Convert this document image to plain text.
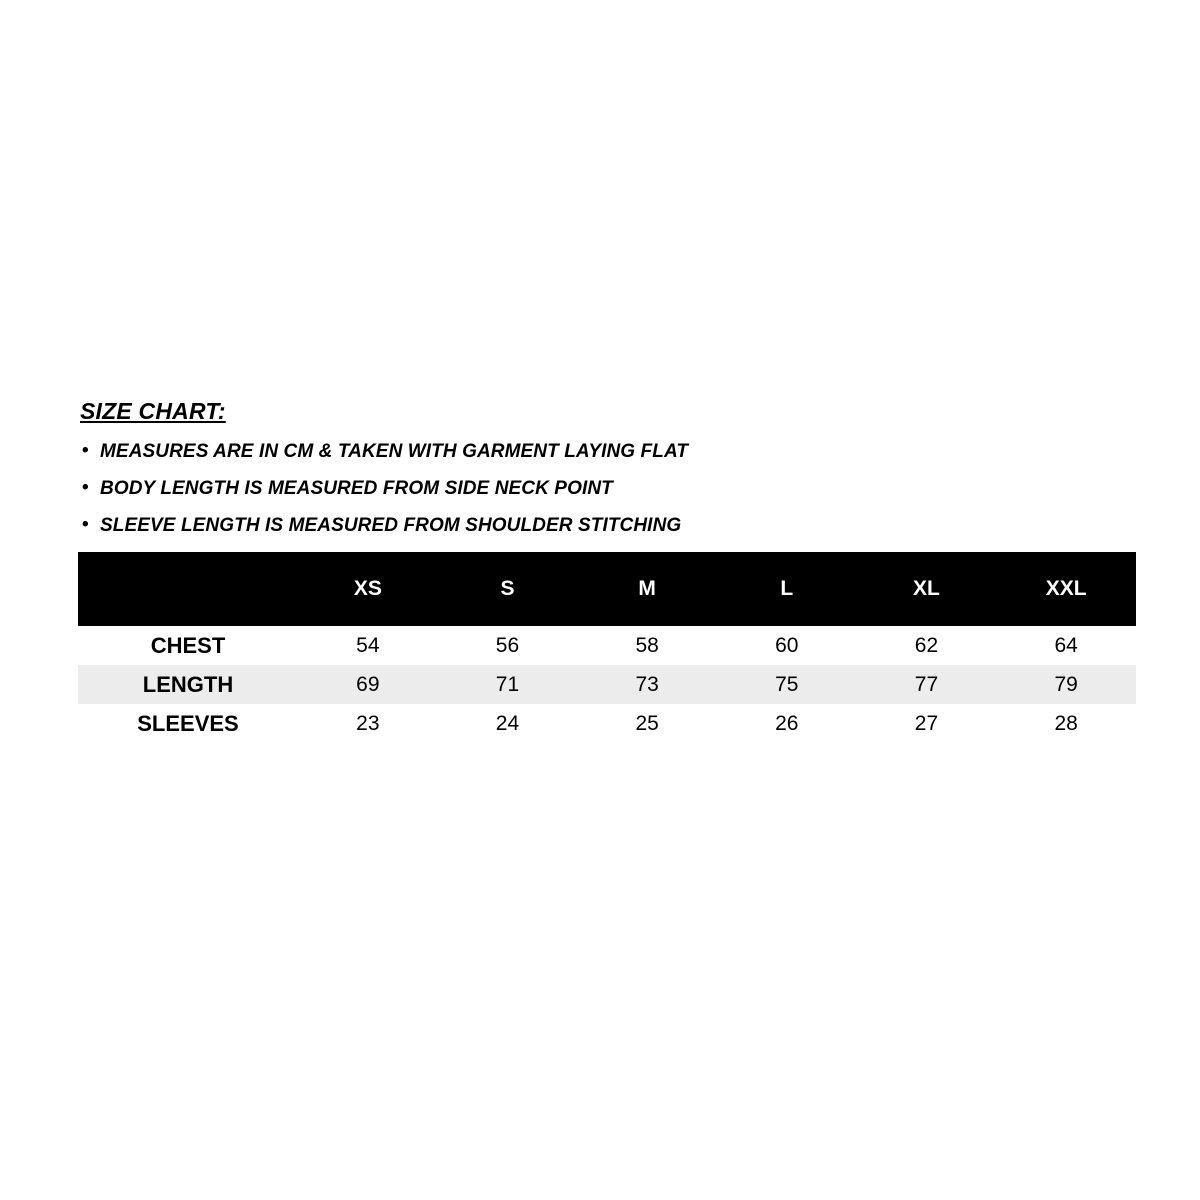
SIZE CHART:
• MEASURES ARE IN CM & TAKEN WITH GARMENT LAYING FLAT
• BODY LENGTH IS MEASURED FROM SIDE NECK POINT
• SLEEVE LENGTH IS MEASURED FROM SHOULDER STITCHING
	XS	S	M	L	XL	XXL
CHEST	54	56	58	60	62	64
LENGTH	69	71	73	75	77	79
SLEEVES	23	24	25	26	27	28
